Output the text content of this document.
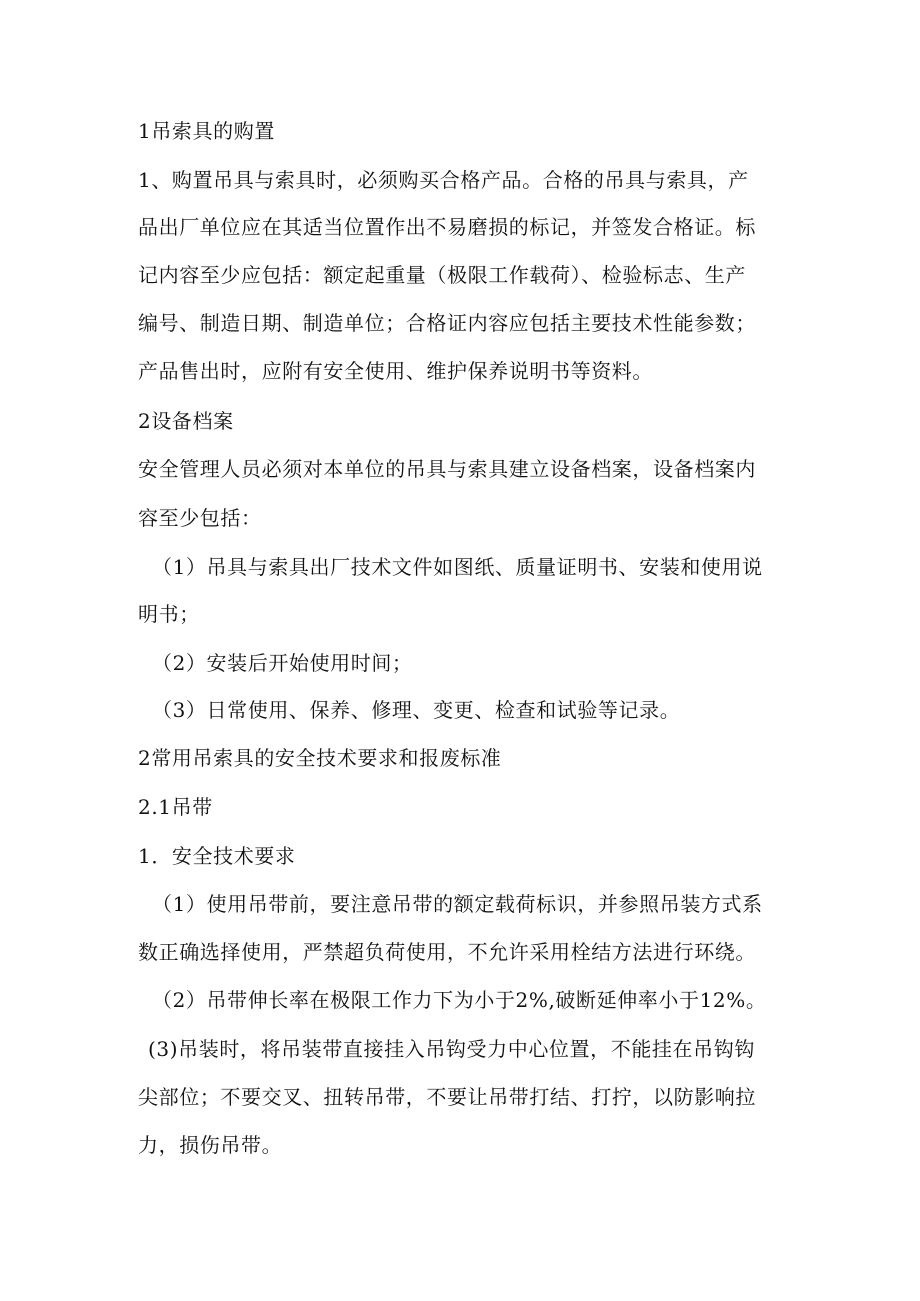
1吊索具的购置
1、购置吊具与索具时，必须购买合格产品。合格的吊具与索具，产
品出厂单位应在其适当位置作出不易磨损的标记，并签发合格证。标
记内容至少应包括：额定起重量（极限工作载荷）、检验标志、生产
编号、制造日期、制造单位；合格证内容应包括主要技术性能参数；
产品售出时，应附有安全使用、维护保养说明书等资料。
2设备档案
安全管理人员必须对本单位的吊具与索具建立设备档案，设备档案内
容至少包括：
（1）吊具与索具出厂技术文件如图纸、质量证明书、安装和使用说
明书；
（2）安装后开始使用时间；
（3）日常使用、保养、修理、变更、检查和试验等记录。
2常用吊索具的安全技术要求和报废标准
2.1吊带
1．安全技术要求
（1）使用吊带前，要注意吊带的额定载荷标识，并参照吊装方式系
数正确选择使用，严禁超负荷使用，不允许采用栓结方法进行环绕。
（2）吊带伸长率在极限工作力下为小于2%,破断延伸率小于12%。
(3)吊装时，将吊装带直接挂入吊钩受力中心位置，不能挂在吊钩钩
尖部位；不要交叉、扭转吊带，不要让吊带打结、打拧，以防影响拉
力，损伤吊带。
